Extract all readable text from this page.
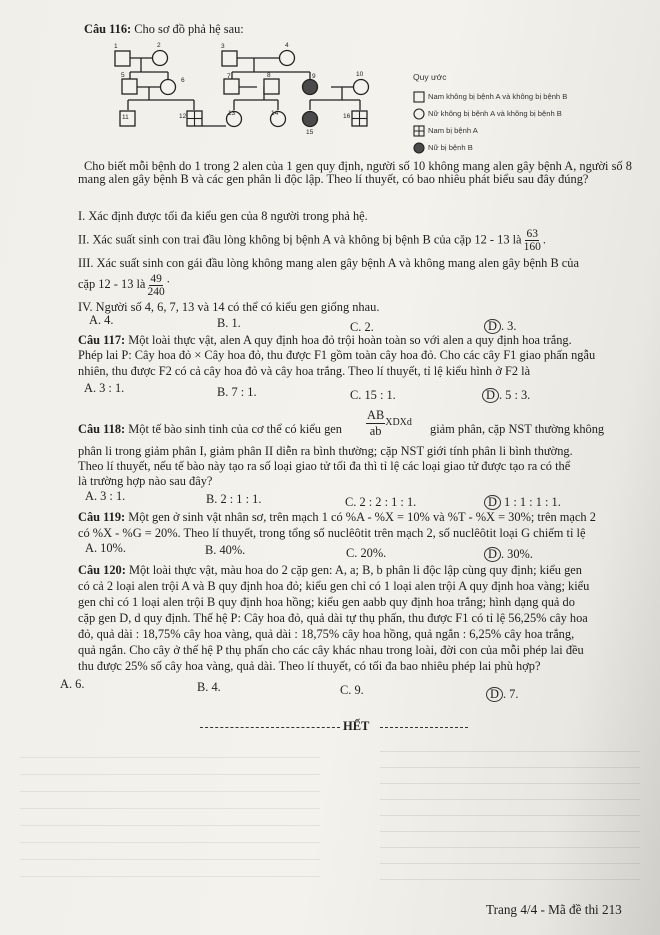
Câu 116: Cho sơ đồ phả hệ sau:

1	2	3	4
5
6
7	8	9	10
11	12	13	14
15
16
Quy ước
Nam không bị bệnh A và không bị bệnh B
Nữ không bị bệnh A và không bị bệnh B
Nam bị bệnh A
Nữ bị bệnh B

Cho biết mỗi bệnh do 1 trong 2 alen của 1 gen quy định, người số 10 không mang alen gây bệnh A, người số 8 mang alen gây bệnh B và các gen phân li độc lập. Theo lí thuyết, có bao nhiêu phát biểu sau đây đúng?

I. Xác định được tối đa kiểu gen của 8 người trong phả hệ.

II. Xác suất sinh con trai đầu lòng không bị bệnh A và không bị bệnh B của cặp 12 - 13 là $\frac{63}{160}$ .

III. Xác suất sinh con gái đầu lòng không mang alen gây bệnh A và không mang alen gây bệnh B của

cặp 12 - 13 là $\frac{49}{240}$ .

IV. Người số 4, 6, 7, 13 và 14 có thể có kiểu gen giống nhau.

A. 4.	B. 1.	C. 2.	D . 3.

Câu 117: Một loài thực vật, alen A quy định hoa đỏ trội hoàn toàn so với alen a quy định hoa trắng.

Phép lai P: Cây hoa đỏ × Cây hoa đỏ, thu được F1 gồm toàn cây hoa đỏ. Cho các cây F1 giao phấn ngẫu

nhiên, thu được F2 có cả cây hoa đỏ và cây hoa trắng. Theo lí thuyết, tỉ lệ kiểu hình ở F2 là

A. 3 : 1.	B. 7 : 1.	C. 15 : 1.	D . 5 : 3.

Câu 118: Một tế bào sinh tinh của cơ thể có kiểu gen $\frac{AB}{ab}$ XDXd giảm phân, cặp NST thường không

phân li trong giảm phân I, giảm phân II diễn ra bình thường; cặp NST giới tính phân li bình thường.

Theo lí thuyết, nếu tế bào này tạo ra số loại giao tử tối đa thì tỉ lệ các loại giao tử được tạo ra có thể

là trường hợp nào sau đây?

A. 3 : 1.	B. 2 : 1 : 1.	C. 2 : 2 : 1 : 1.	D 1 : 1 : 1 : 1.

Câu 119: Một gen ở sinh vật nhân sơ, trên mạch 1 có %A - %X = 10% và %T - %X = 30%; trên mạch 2

có %X - %G = 20%. Theo lí thuyết, trong tổng số nuclêôtit trên mạch 2, số nuclêôtit loại G chiếm tỉ lệ

A. 10%.	B. 40%.	C. 20%.	D . 30%.

Câu 120: Một loài thực vật, màu hoa do 2 cặp gen: A, a; B, b phân li độc lập cùng quy định; kiểu gen

có cả 2 loại alen trội A và B quy định hoa đỏ; kiểu gen chỉ có 1 loại alen trội A quy định hoa vàng; kiểu

gen chỉ có 1 loại alen trội B quy định hoa hồng; kiểu gen aabb quy định hoa trắng; hình dạng quả do

cặp gen D, d quy định. Thế hệ P: Cây hoa đỏ, quả dài tự thụ phấn, thu được F1 có tỉ lệ 56,25% cây hoa

đỏ, quả dài : 18,75% cây hoa vàng, quả dài : 18,75% cây hoa hồng, quả ngắn : 6,25% cây hoa trắng,

quả ngắn. Cho cây ở thế hệ P thụ phấn cho các cây khác nhau trong loài, đời con của mỗi phép lai đều

thu được 25% số cây hoa vàng, quả dài. Theo lí thuyết, có tối đa bao nhiêu phép lai phù hợp?

A. 6.	B. 4.	C. 9.	D . 7.

HẾT

Trang 4/4 - Mã đề thi 213
